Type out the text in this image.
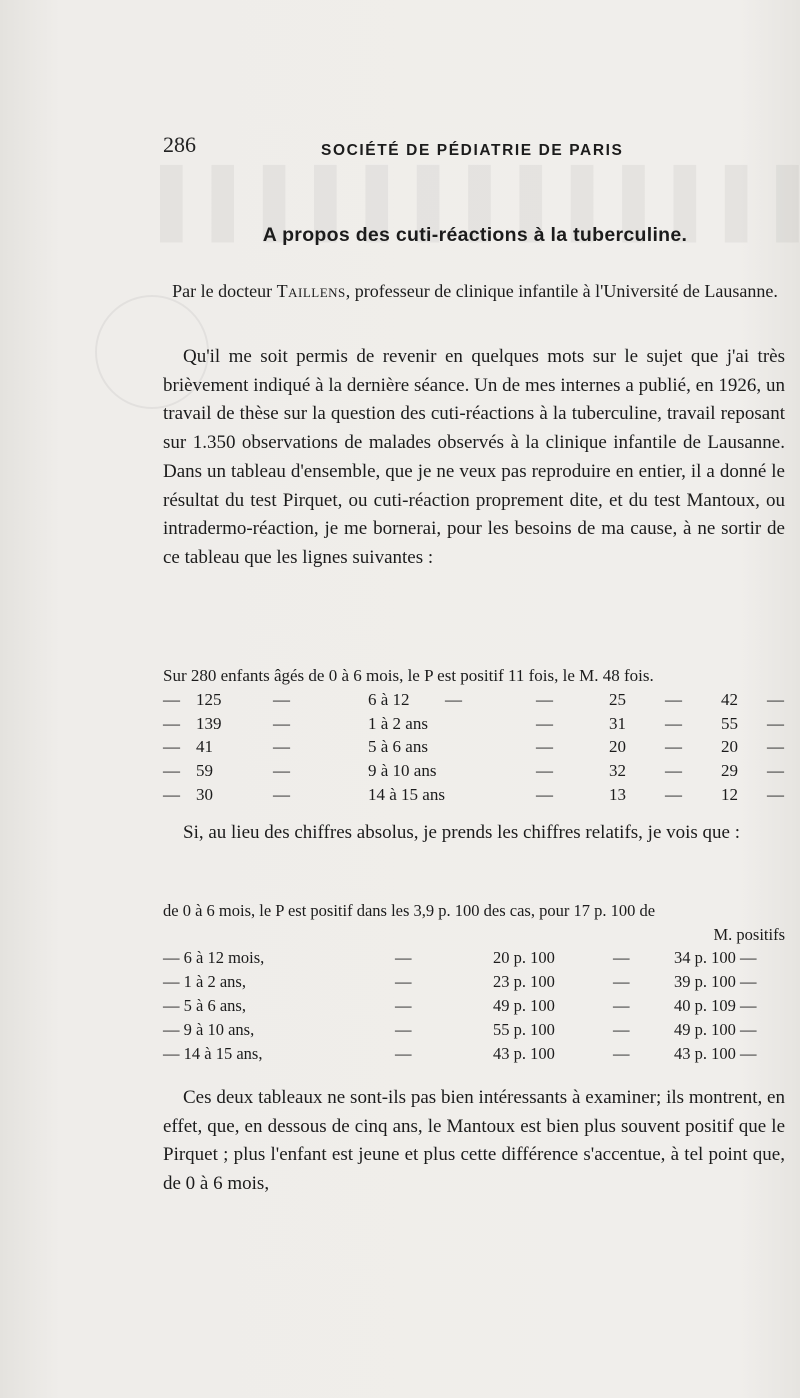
286	SOCIÉTÉ DE PÉDIATRIE DE PARIS
A propos des cuti-réactions à la tuberculine.
Par le docteur Taillens, professeur de clinique infantile à l'Université de Lausanne.

Qu'il me soit permis de revenir en quelques mots sur le sujet que j'ai très brièvement indiqué à la dernière séance. Un de mes internes a publié, en 1926, un travail de thèse sur la question des cuti-réactions à la tuberculine, travail reposant sur 1.350 observations de malades observés à la clinique infantile de Lausanne. Dans un tableau d'ensemble, que je ne veux pas reproduire en entier, il a donné le résultat du test Pirquet, ou cuti-réaction proprement dite, et du test Mantoux, ou intradermo-réaction, je me bornerai, pour les besoins de ma cause, à ne sortir de ce tableau que les lignes suivantes :

Sur 280 enfants âgés de 0 à 6 mois, le P est positif 11 fois, le M. 48 fois.
— 125	—	6 à 12 —	—	25 — 42 —
— 139	—	1 à 2 ans	—	31 — 55 —
— 41	—	5 à 6 ans	—	20 — 20 —
— 59	—	9 à 10 ans	—	32 — 29 —
— 30	—	14 à 15 ans	—	13 — 12 —

Si, au lieu des chiffres absolus, je prends les chiffres relatifs, je vois que :

de 0 à 6 mois, le P est positif dans les 3,9 p. 100 des cas, pour 17 p. 100 de
M. positifs
— 6 à 12 mois,	—	20 p. 100	—	34 p. 100 —
— 1 à 2 ans,	—	23 p. 100	—	39 p. 100 —
— 5 à 6 ans,	—	49 p. 100	—	40 p. 109 —
— 9 à 10 ans,	—	55 p. 100	—	49 p. 100 —
— 14 à 15 ans,	—	43 p. 100	—	43 p. 100 —

Ces deux tableaux ne sont-ils pas bien intéressants à examiner; ils montrent, en effet, que, en dessous de cinq ans, le Mantoux est bien plus souvent positif que le Pirquet ; plus l'enfant est jeune et plus cette différence s'accentue, à tel point que, de 0 à 6 mois,
